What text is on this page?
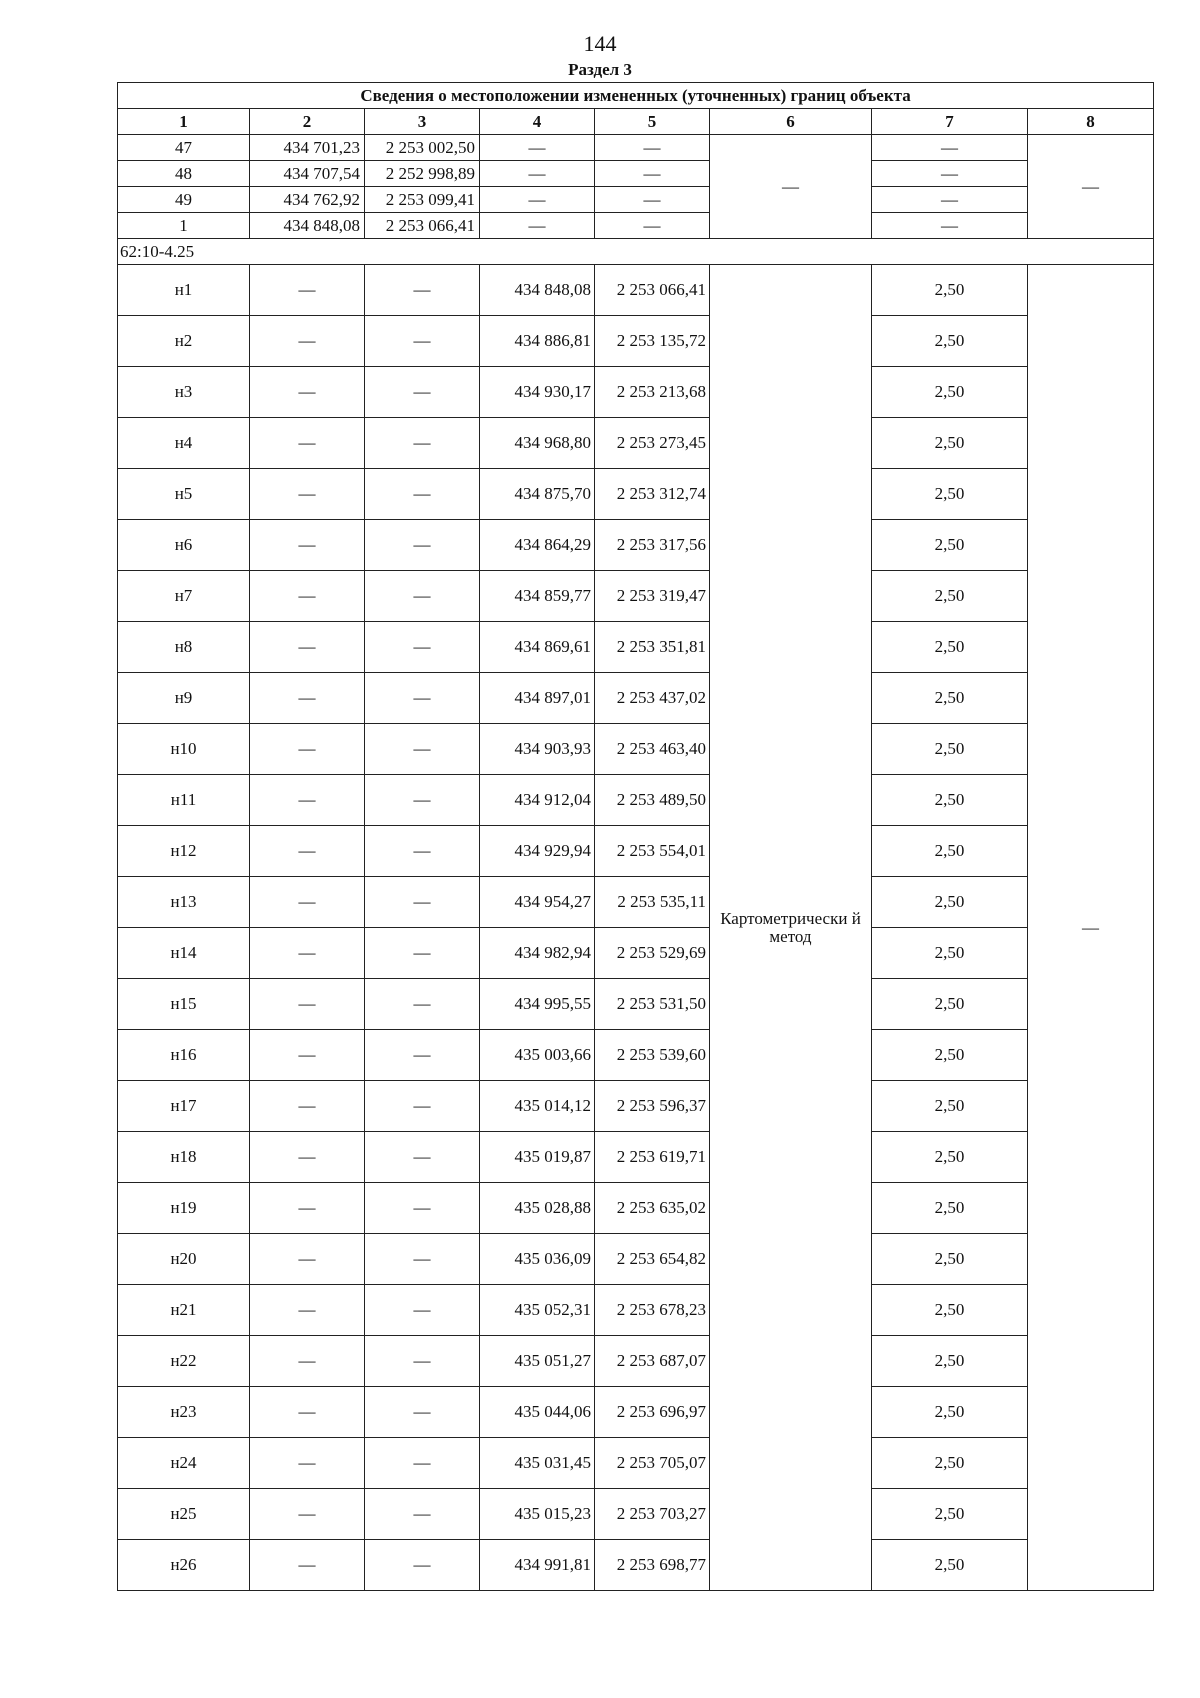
144
Раздел 3
Сведения о местоположении измененных (уточненных) границ объекта							
1	2	3	4	5	6	7	8
47	434 701,23	2 253 002,50	—	—	—	—	—
48	434 707,54	2 252 998,89	—	—		—	
49	434 762,92	2 253 099,41	—	—		—	
1	434 848,08	2 253 066,41	—	—		—	
62:10-4.25							
н1	—	—	434 848,08	2 253 066,41	Картометрически й метод	2,50	—
н2	—	—	434 886,81	2 253 135,72		2,50	
н3	—	—	434 930,17	2 253 213,68		2,50	
н4	—	—	434 968,80	2 253 273,45		2,50	
н5	—	—	434 875,70	2 253 312,74		2,50	
н6	—	—	434 864,29	2 253 317,56		2,50	
н7	—	—	434 859,77	2 253 319,47		2,50	
н8	—	—	434 869,61	2 253 351,81		2,50	
н9	—	—	434 897,01	2 253 437,02		2,50	
н10	—	—	434 903,93	2 253 463,40		2,50	
н11	—	—	434 912,04	2 253 489,50		2,50	
н12	—	—	434 929,94	2 253 554,01		2,50	
н13	—	—	434 954,27	2 253 535,11		2,50	
н14	—	—	434 982,94	2 253 529,69		2,50	
н15	—	—	434 995,55	2 253 531,50		2,50	
н16	—	—	435 003,66	2 253 539,60		2,50	
н17	—	—	435 014,12	2 253 596,37		2,50	
н18	—	—	435 019,87	2 253 619,71		2,50	
н19	—	—	435 028,88	2 253 635,02		2,50	
н20	—	—	435 036,09	2 253 654,82		2,50	
н21	—	—	435 052,31	2 253 678,23		2,50	
н22	—	—	435 051,27	2 253 687,07		2,50	
н23	—	—	435 044,06	2 253 696,97		2,50	
н24	—	—	435 031,45	2 253 705,07		2,50	
н25	—	—	435 015,23	2 253 703,27		2,50	
н26	—	—	434 991,81	2 253 698,77		2,50	
